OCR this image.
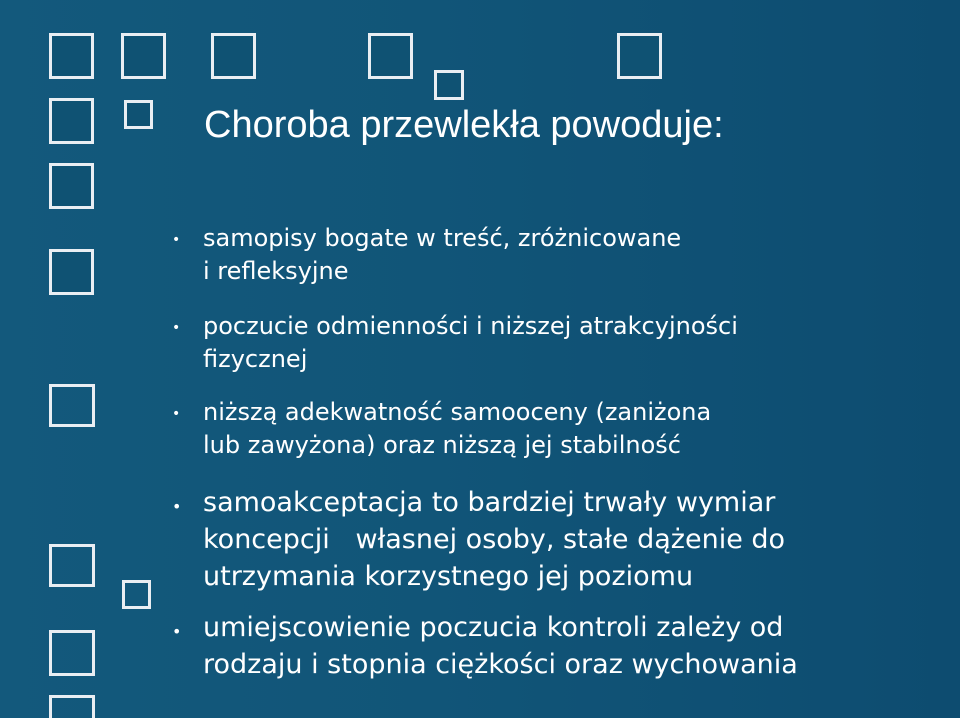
Choroba przewlekła powoduje:
• samopisy bogate w treść, zróżnicowane
i refleksyjne
• poczucie odmienności i niższej atrakcyjności
fizycznej
• niższą adekwatność samooceny (zaniżona
lub zawyżona) oraz niższą jej stabilność
• samoakceptacja to bardziej trwały wymiar
koncepcji   własnej osoby, stałe dążenie do
utrzymania korzystnego jej poziomu
• umiejscowienie poczucia kontroli zależy od
rodzaju i stopnia ciężkości oraz wychowania
